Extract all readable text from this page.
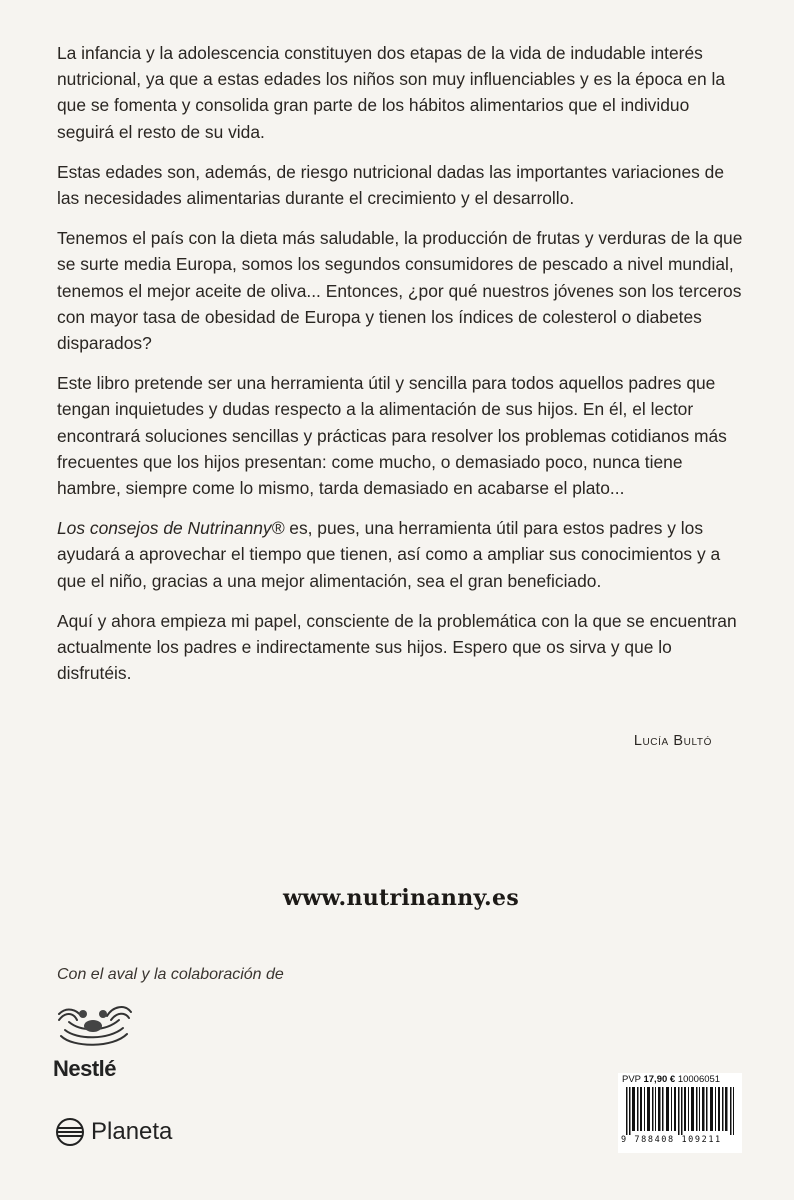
La infancia y la adolescencia constituyen dos etapas de la vida de indudable interés nutricional, ya que a estas edades los niños son muy influenciables y es la época en la que se fomenta y consolida gran parte de los hábitos alimentarios que el individuo seguirá el resto de su vida.

Estas edades son, además, de riesgo nutricional dadas las importantes variaciones de las necesidades alimentarias durante el crecimiento y el desarrollo.

Tenemos el país con la dieta más saludable, la producción de frutas y verduras de la que se surte media Europa, somos los segundos consumidores de pescado a nivel mundial, tenemos el mejor aceite de oliva... Entonces, ¿por qué nuestros jóvenes son los terceros con mayor tasa de obesidad de Europa y tienen los índices de colesterol o diabetes disparados?

Este libro pretende ser una herramienta útil y sencilla para todos aquellos padres que tengan inquietudes y dudas respecto a la alimentación de sus hijos. En él, el lector encontrará soluciones sencillas y prácticas para resolver los problemas cotidianos más frecuentes que los hijos presentan: come mucho, o demasiado poco, nunca tiene hambre, siempre come lo mismo, tarda demasiado en acabarse el plato...

Los consejos de Nutrinanny® es, pues, una herramienta útil para estos padres y los ayudará a aprovechar el tiempo que tienen, así como a ampliar sus conocimientos y a que el niño, gracias a una mejor alimentación, sea el gran beneficiado.

Aquí y ahora empieza mi papel, consciente de la problemática con la que se encuentran actualmente los padres e indirectamente sus hijos. Espero que os sirva y que lo disfrutéis.

Lucía Bultó
www.nutrinanny.es
Con el aval y la colaboración de
Nestlé
Planeta
PVP 17,90 € 10006051
9 788408 109211
